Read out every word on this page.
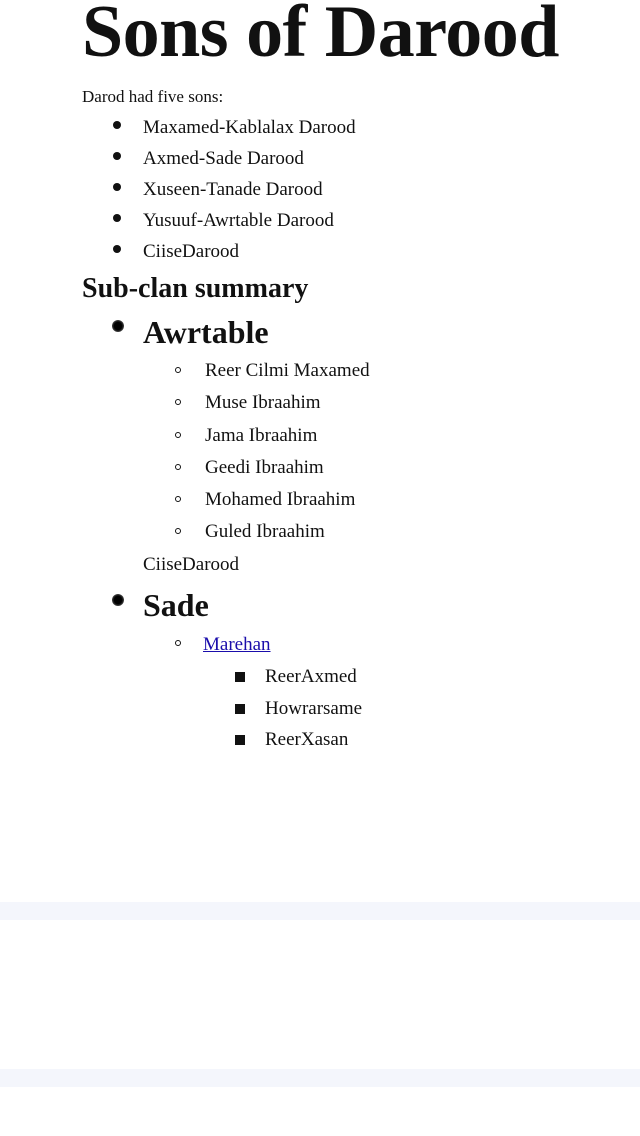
Sons of Darood
Darod had five sons:
Maxamed-Kablalax Darood
Axmed-Sade Darood
Xuseen-Tanade Darood
Yusuuf-Awrtable Darood
CiiseDarood
Sub-clan summary
Awrtable
Reer Cilmi Maxamed
Muse Ibraahim
Jama Ibraahim
Geedi Ibraahim
Mohamed Ibraahim
Guled Ibraahim
CiiseDarood
Sade
Marehan
ReerAxmed
Howrarsame
ReerXasan
